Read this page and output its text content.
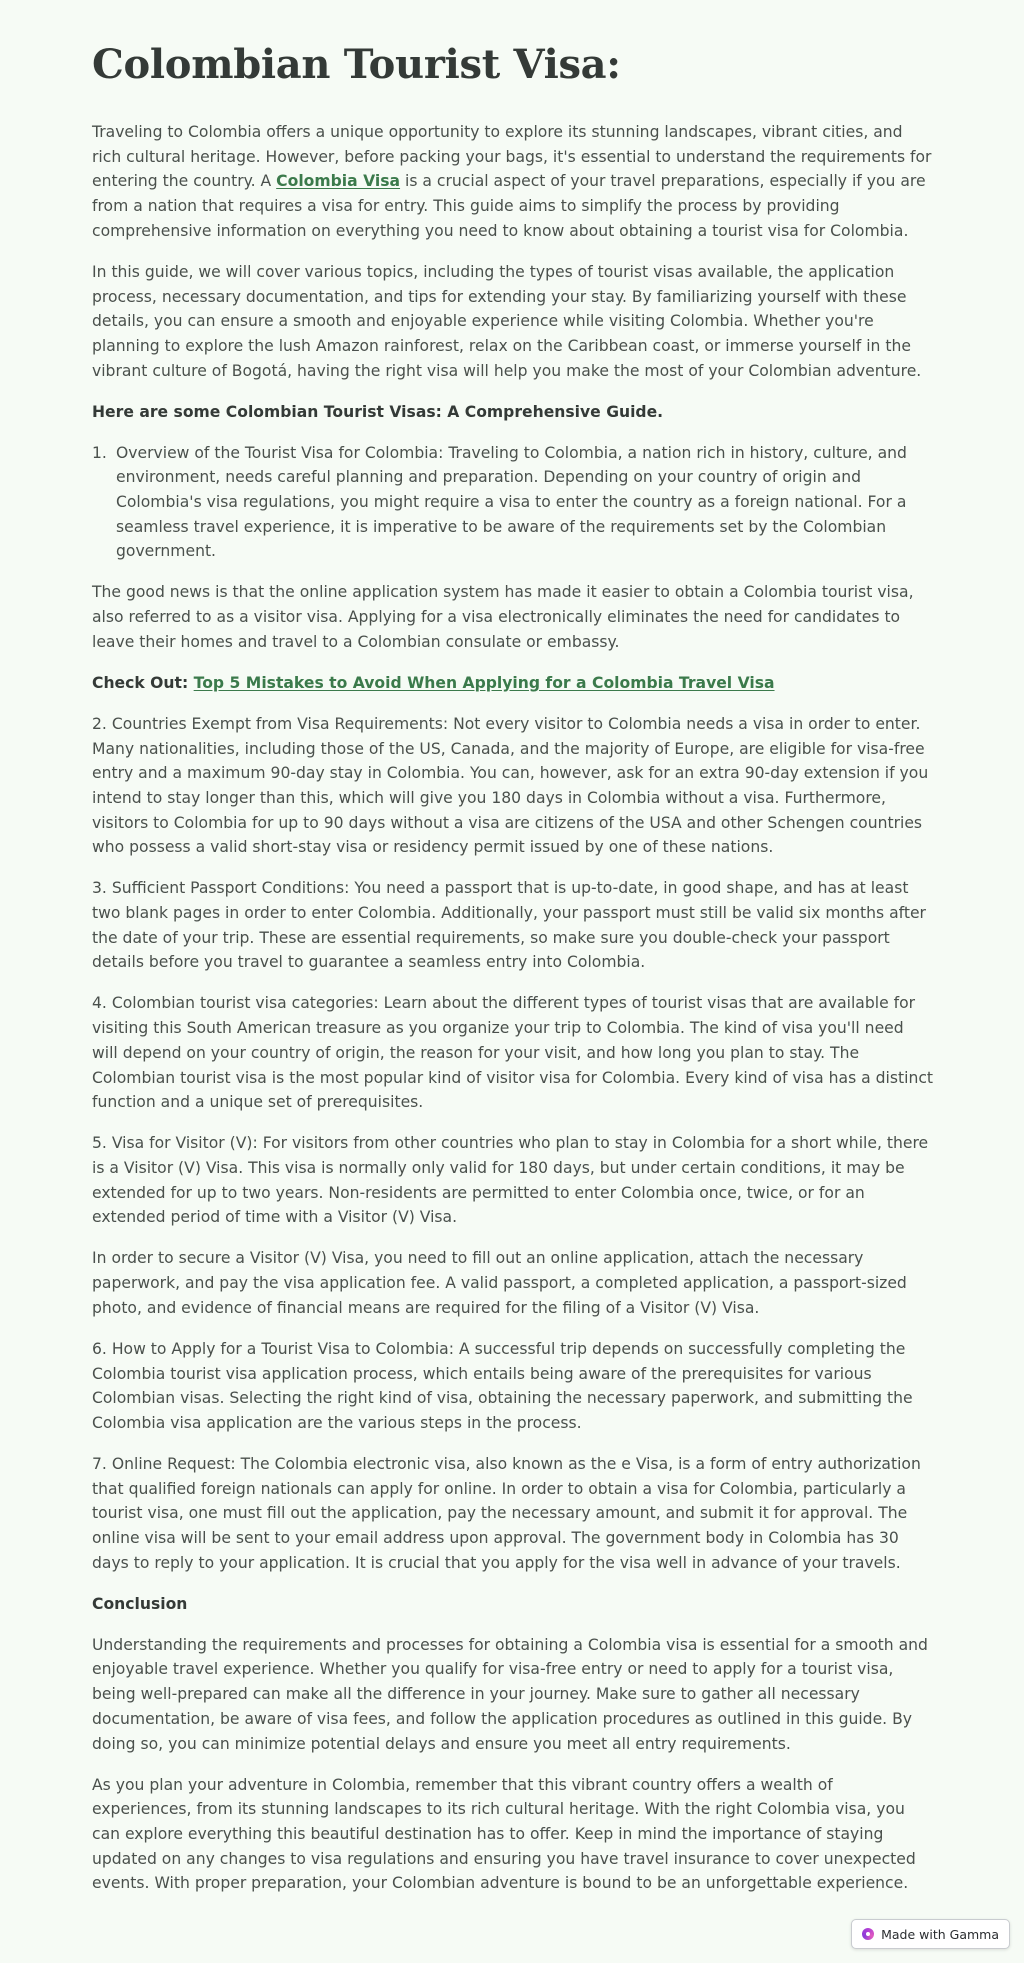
Colombian Tourist Visa:

Traveling to Colombia offers a unique opportunity to explore its stunning landscapes, vibrant cities, and rich cultural heritage. However, before packing your bags, it's essential to understand the requirements for entering the country. A Colombia Visa is a crucial aspect of your travel preparations, especially if you are from a nation that requires a visa for entry. This guide aims to simplify the process by providing comprehensive information on everything you need to know about obtaining a tourist visa for Colombia.

In this guide, we will cover various topics, including the types of tourist visas available, the application process, necessary documentation, and tips for extending your stay. By familiarizing yourself with these details, you can ensure a smooth and enjoyable experience while visiting Colombia. Whether you're planning to explore the lush Amazon rainforest, relax on the Caribbean coast, or immerse yourself in the vibrant culture of Bogotá, having the right visa will help you make the most of your Colombian adventure.

Here are some Colombian Tourist Visas: A Comprehensive Guide.

1. Overview of the Tourist Visa for Colombia: Traveling to Colombia, a nation rich in history, culture, and environment, needs careful planning and preparation. Depending on your country of origin and Colombia's visa regulations, you might require a visa to enter the country as a foreign national. For a seamless travel experience, it is imperative to be aware of the requirements set by the Colombian government.

The good news is that the online application system has made it easier to obtain a Colombia tourist visa, also referred to as a visitor visa. Applying for a visa electronically eliminates the need for candidates to leave their homes and travel to a Colombian consulate or embassy.

Check Out: Top 5 Mistakes to Avoid When Applying for a Colombia Travel Visa

2. Countries Exempt from Visa Requirements: Not every visitor to Colombia needs a visa in order to enter. Many nationalities, including those of the US, Canada, and the majority of Europe, are eligible for visa-free entry and a maximum 90-day stay in Colombia. You can, however, ask for an extra 90-day extension if you intend to stay longer than this, which will give you 180 days in Colombia without a visa. Furthermore, visitors to Colombia for up to 90 days without a visa are citizens of the USA and other Schengen countries who possess a valid short-stay visa or residency permit issued by one of these nations.

3. Sufficient Passport Conditions: You need a passport that is up-to-date, in good shape, and has at least two blank pages in order to enter Colombia. Additionally, your passport must still be valid six months after the date of your trip. These are essential requirements, so make sure you double-check your passport details before you travel to guarantee a seamless entry into Colombia.

4. Colombian tourist visa categories: Learn about the different types of tourist visas that are available for visiting this South American treasure as you organize your trip to Colombia. The kind of visa you'll need will depend on your country of origin, the reason for your visit, and how long you plan to stay. The Colombian tourist visa is the most popular kind of visitor visa for Colombia. Every kind of visa has a distinct function and a unique set of prerequisites.

5. Visa for Visitor (V): For visitors from other countries who plan to stay in Colombia for a short while, there is a Visitor (V) Visa. This visa is normally only valid for 180 days, but under certain conditions, it may be extended for up to two years. Non-residents are permitted to enter Colombia once, twice, or for an extended period of time with a Visitor (V) Visa.

In order to secure a Visitor (V) Visa, you need to fill out an online application, attach the necessary paperwork, and pay the visa application fee. A valid passport, a completed application, a passport-sized photo, and evidence of financial means are required for the filing of a Visitor (V) Visa.

6. How to Apply for a Tourist Visa to Colombia: A successful trip depends on successfully completing the Colombia tourist visa application process, which entails being aware of the prerequisites for various Colombian visas. Selecting the right kind of visa, obtaining the necessary paperwork, and submitting the Colombia visa application are the various steps in the process.

7. Online Request: The Colombia electronic visa, also known as the e Visa, is a form of entry authorization that qualified foreign nationals can apply for online. In order to obtain a visa for Colombia, particularly a tourist visa, one must fill out the application, pay the necessary amount, and submit it for approval. The online visa will be sent to your email address upon approval. The government body in Colombia has 30 days to reply to your application. It is crucial that you apply for the visa well in advance of your travels.

Conclusion

Understanding the requirements and processes for obtaining a Colombia visa is essential for a smooth and enjoyable travel experience. Whether you qualify for visa-free entry or need to apply for a tourist visa, being well-prepared can make all the difference in your journey. Make sure to gather all necessary documentation, be aware of visa fees, and follow the application procedures as outlined in this guide. By doing so, you can minimize potential delays and ensure you meet all entry requirements.

As you plan your adventure in Colombia, remember that this vibrant country offers a wealth of experiences, from its stunning landscapes to its rich cultural heritage. With the right Colombia visa, you can explore everything this beautiful destination has to offer. Keep in mind the importance of staying updated on any changes to visa regulations and ensuring you have travel insurance to cover unexpected events. With proper preparation, your Colombian adventure is bound to be an unforgettable experience.

Made with Gamma
